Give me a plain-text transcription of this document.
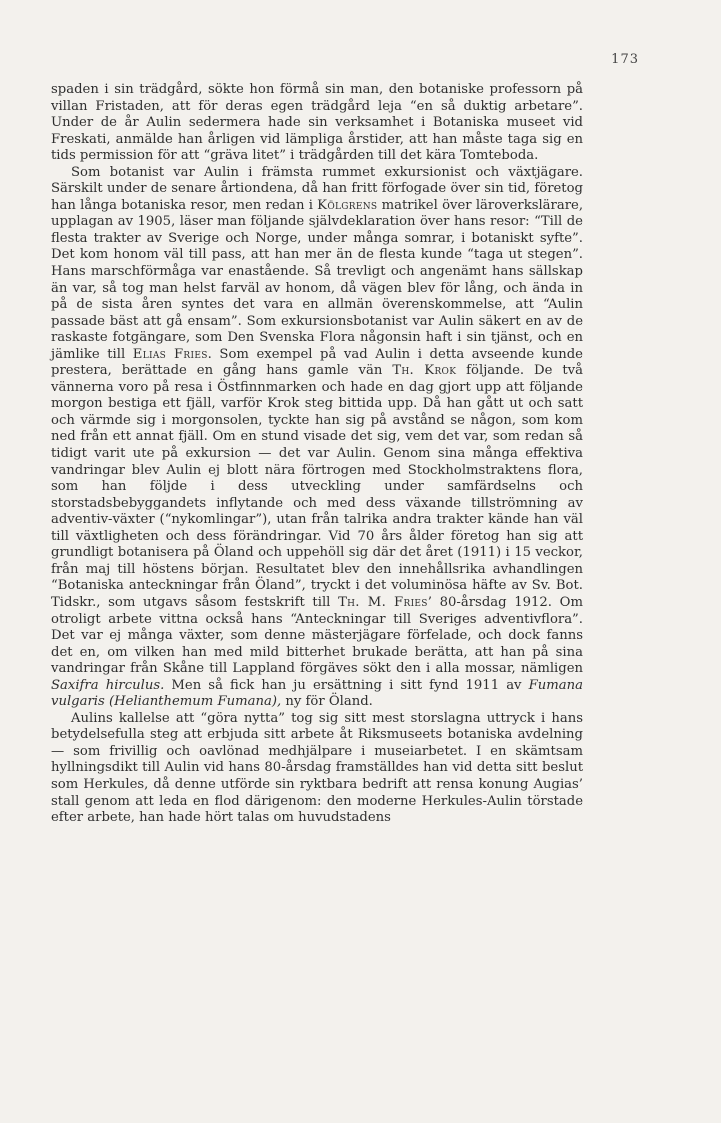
173

spaden i sin trädgård, sökte hon förmå sin man, den botaniske professorn på villan Fristaden, att för deras egen trädgård leja “en så duktig arbetare”. Under de år Aulin sedermera hade sin verksamhet i Botaniska museet vid Freskati, anmälde han årligen vid lämpliga årstider, att han måste taga sig en tids permission för att “gräva litet” i trädgården till det kära Tomteboda.

Som botanist var Aulin i främsta rummet exkursionist och växtjägare. Särskilt under de senare årtiondena, då han fritt förfogade över sin tid, företog han långa botaniska resor, men redan i Kölgrens matrikel över läroverkslärare, upplagan av 1905, läser man följande självdeklaration över hans resor: “Till de flesta trakter av Sverige och Norge, under många somrar, i botaniskt syfte”. Det kom honom väl till pass, att han mer än de flesta kunde “taga ut stegen”. Hans marschförmåga var enastående. Så trevligt och angenämt hans sällskap än var, så tog man helst farväl av honom, då vägen blev för lång, och ända in på de sista åren syntes det vara en allmän överenskommelse, att “Aulin passade bäst att gå ensam”. Som exkursionsbotanist var Aulin säkert en av de raskaste fotgängare, som Den Svenska Flora någonsin haft i sin tjänst, och en jämlike till Elias Fries. Som exempel på vad Aulin i detta avseende kunde prestera, berättade en gång hans gamle vän Th. Krok följande. De två vännerna voro på resa i Östfinnmarken och hade en dag gjort upp att följande morgon bestiga ett fjäll, varför Krok steg bittida upp. Då han gått ut och satt och värmde sig i morgonsolen, tyckte han sig på avstånd se någon, som kom ned från ett annat fjäll. Om en stund visade det sig, vem det var, som redan så tidigt varit ute på exkursion — det var Aulin. Genom sina många effektiva vandringar blev Aulin ej blott nära förtrogen med Stockholmstraktens flora, som han följde i dess utveckling under samfärdselns och storstadsbebyggandets inflytande och med dess växande tillströmning av adventiv-växter (“nykomlingar”), utan från talrika andra trakter kände han väl till växtligheten och dess förändringar. Vid 70 års ålder företog han sig att grundligt botanisera på Öland och uppehöll sig där det året (1911) i 15 veckor, från maj till höstens början. Resultatet blev den innehållsrika avhandlingen “Botaniska anteckningar från Öland”, tryckt i det voluminösa häfte av Sv. Bot. Tidskr., som utgavs såsom festskrift till Th. M. Fries’ 80-årsdag 1912. Om otroligt arbete vittna också hans “Anteckningar till Sveriges adventivflora”. Det var ej många växter, som denne mästerjägare förfelade, och dock fanns det en, om vilken han med mild bitterhet brukade berätta, att han på sina vandringar från Skåne till Lappland förgäves sökt den i alla mossar, nämligen Saxifra hirculus. Men så fick han ju ersättning i sitt fynd 1911 av Fumana vulgaris (Helianthemum Fumana), ny för Öland.

Aulins kallelse att “göra nytta” tog sig sitt mest storslagna uttryck i hans betydelsefulla steg att erbjuda sitt arbete åt Riksmuseets botaniska avdelning — som frivillig och oavlönad medhjälpare i museiarbetet. I en skämtsam hyllningsdikt till Aulin vid hans 80-årsdag framställdes han vid detta sitt beslut som Herkules, då denne utförde sin ryktbara bedrift att rensa konung Augias’ stall genom att leda en flod därigenom: den moderne Herkules-Aulin törstade efter arbete, han hade hört talas om huvudstadens
